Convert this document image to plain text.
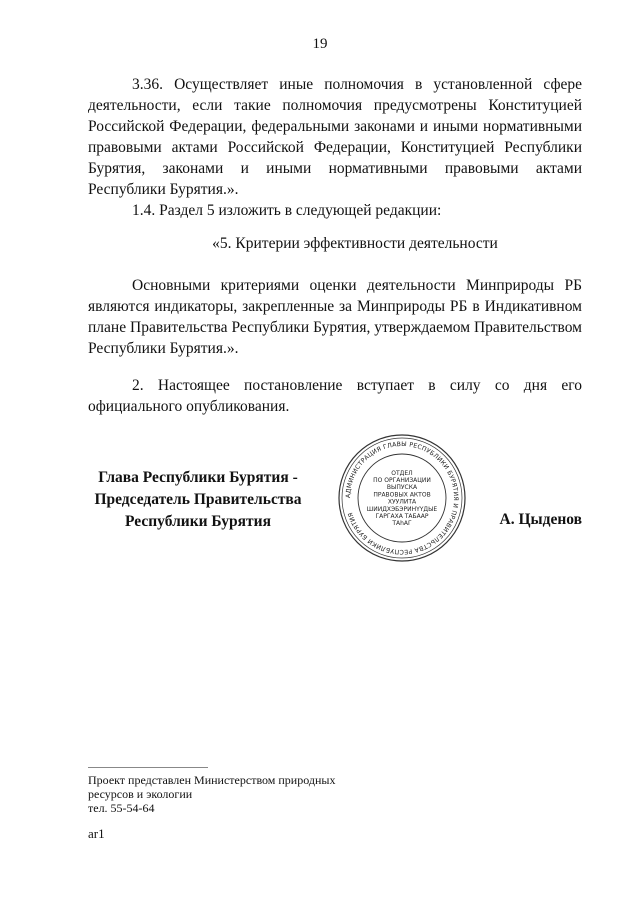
19

3.36. Осуществляет иные полномочия в установленной сфере деятельности, если такие полномочия предусмотрены Конституцией Российской Федерации, федеральными законами и иными нормативными правовыми актами Российской Федерации, Конституцией Республики Бурятия, законами и иными нормативными правовыми актами Республики Бурятия.».

1.4. Раздел 5 изложить в следующей редакции:

«5. Критерии эффективности деятельности

Основными критериями оценки деятельности Минприроды РБ являются индикаторы, закрепленные за Минприроды РБ в Индикативном плане Правительства Республики Бурятия, утверждаемом Правительством Республики Бурятия.».

2. Настоящее постановление вступает в силу со дня его официального опубликования.

Глава Республики Бурятия -
Председатель Правительства
Республики Бурятия
АДМИНИСТРАЦИЯ ГЛАВЫ РЕСПУБЛИКИ БУРЯТИЯ И ПРАВИТЕЛЬСТВА РЕСПУБЛИКИ БУРЯТИЯ
ОТДЕЛ
ПО ОРГАНИЗАЦИИ
ВЫПУСКА
ПРАВОВЫХ АКТОВ
ХУУЛИТА
ШИИДХЭБЭРИНҮҮДЫЕ
ГАРГАХА ТАБААР
ТАһАГ	А. Цыденов
Проект представлен Министерством природных
ресурсов и экологии
тел. 55-54-64
ar1
